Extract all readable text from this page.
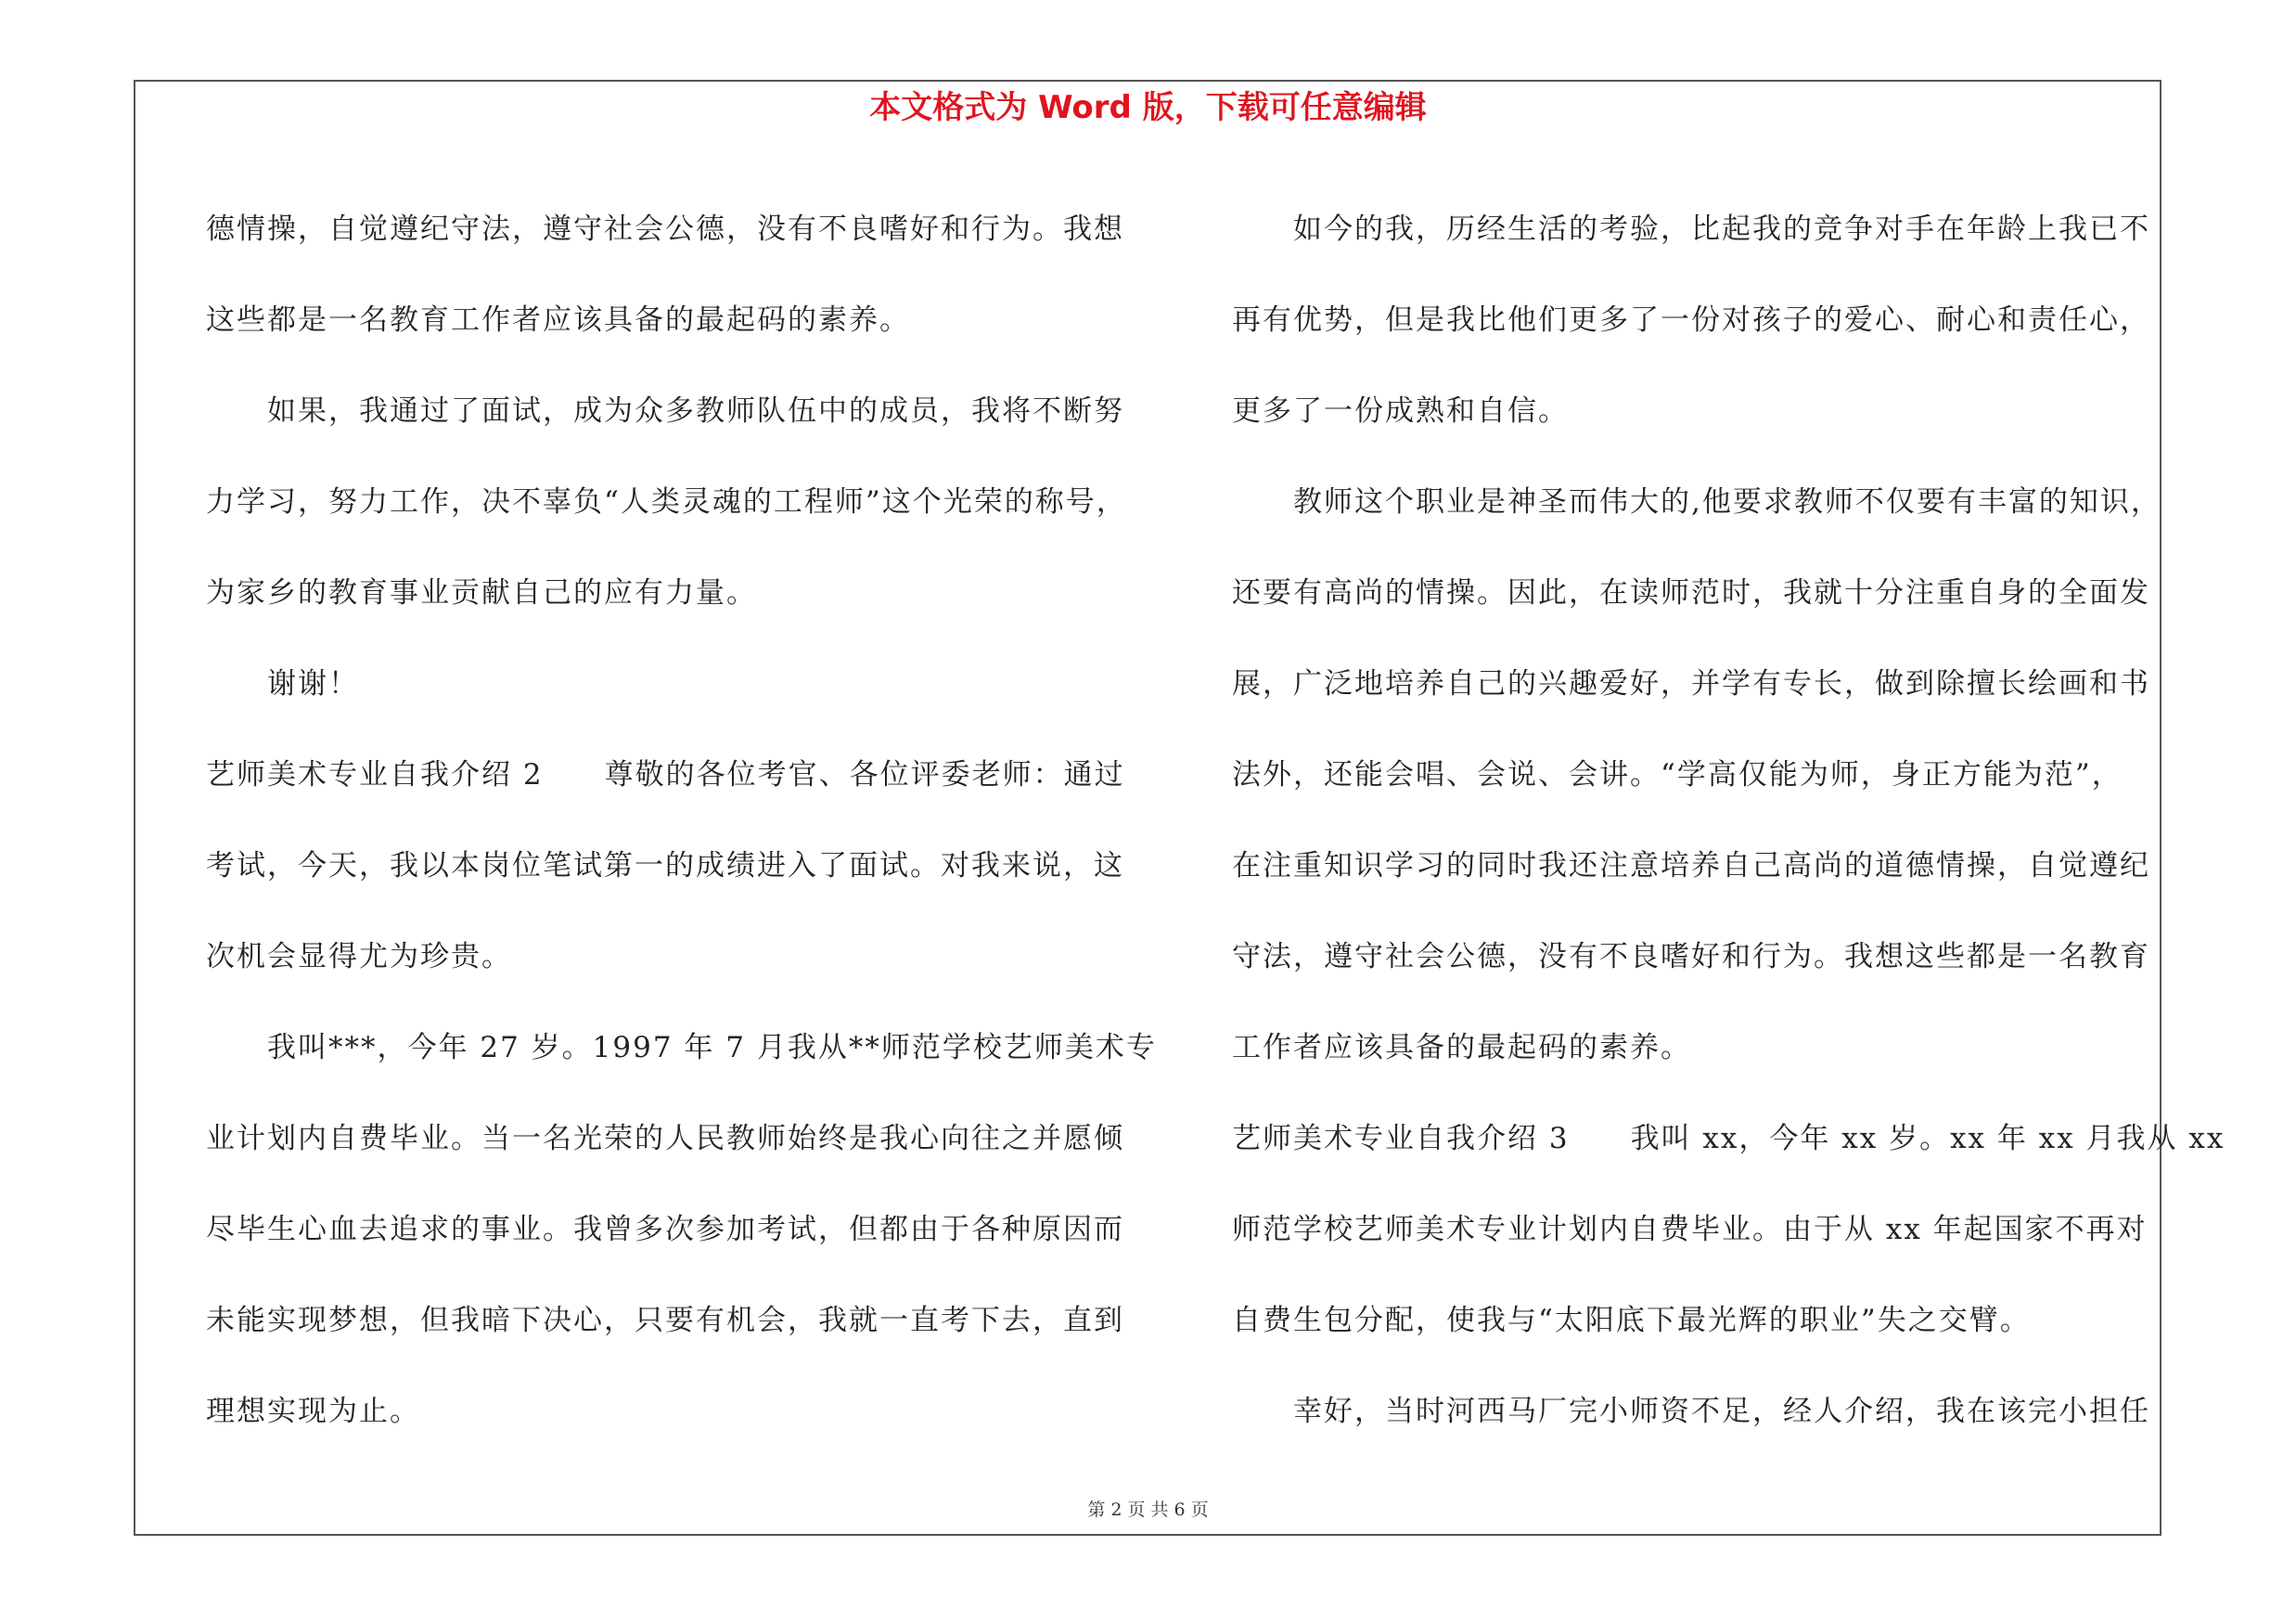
本文格式为 Word 版，下载可任意编辑
德情操，自觉遵纪守法，遵守社会公德，没有不良嗜好和行为。我想
这些都是一名教育工作者应该具备的最起码的素养。
如果，我通过了面试，成为众多教师队伍中的成员，我将不断努
力学习，努力工作，决不辜负“人类灵魂的工程师”这个光荣的称号，
为家乡的教育事业贡献自己的应有力量。
谢谢！
艺师美术专业自我介绍 2　　尊敬的各位考官、各位评委老师：通过
考试，今天，我以本岗位笔试第一的成绩进入了面试。对我来说，这
次机会显得尤为珍贵。
我叫***，今年 27 岁。1997 年 7 月我从**师范学校艺师美术专
业计划内自费毕业。当一名光荣的人民教师始终是我心向往之并愿倾
尽毕生心血去追求的事业。我曾多次参加考试，但都由于各种原因而
未能实现梦想，但我暗下决心，只要有机会，我就一直考下去，直到
理想实现为止。
如今的我，历经生活的考验，比起我的竞争对手在年龄上我已不
再有优势，但是我比他们更多了一份对孩子的爱心、耐心和责任心，
更多了一份成熟和自信。
教师这个职业是神圣而伟大的,他要求教师不仅要有丰富的知识，
还要有高尚的情操。因此，在读师范时，我就十分注重自身的全面发
展，广泛地培养自己的兴趣爱好，并学有专长，做到除擅长绘画和书
法外，还能会唱、会说、会讲。“学高仅能为师，身正方能为范”，
在注重知识学习的同时我还注意培养自己高尚的道德情操，自觉遵纪
守法，遵守社会公德，没有不良嗜好和行为。我想这些都是一名教育
工作者应该具备的最起码的素养。
艺师美术专业自我介绍 3　　我叫 xx，今年 xx 岁。xx 年 xx 月我从 xx
师范学校艺师美术专业计划内自费毕业。由于从 xx 年起国家不再对
自费生包分配，使我与“太阳底下最光辉的职业”失之交臂。
幸好，当时河西马厂完小师资不足，经人介绍，我在该完小担任
第 2 页 共 6 页
